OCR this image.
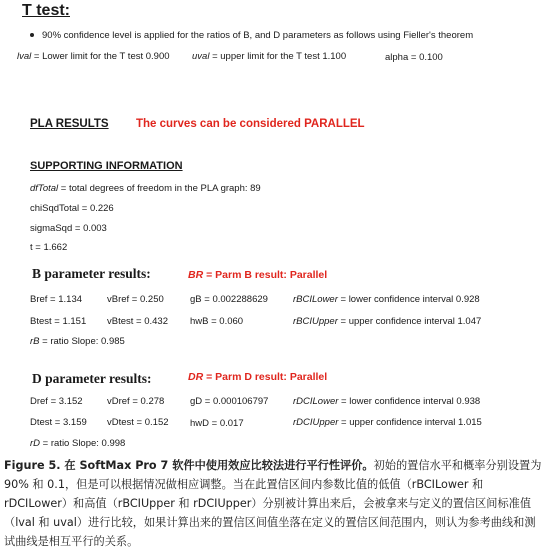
T test:
90% confidence level is applied for the ratios of B, and D parameters as follows using Fieller's theorem
lval = Lower limit for the T test 0.900 uval = upper limit for the T test 1.100	alpha = 0.100
PLA RESULTS The curves can be considered PARALLEL
SUPPORTING INFORMATION
dfTotal = total degrees of freedom in the PLA graph: 89
chiSqdTotal = 0.226
sigmaSqd = 0.003
t = 1.662
B parameter results:	BR = Parm B result: Parallel
Bref = 1.134	vBref = 0.250	gB = 0.002288629	rBCILower = lower confidence interval 0.928
Btest = 1.151 vBtest = 0.432 hwB = 0.060	rBCIUpper = upper confidence interval 1.047
rB = ratio Slope: 0.985
D parameter results:	DR = Parm D result: Parallel
Dref = 3.152	vDref = 0.278	gD = 0.000106797	rDCILower = lower confidence interval 0.938
Dtest = 3.159 vDtest = 0.152 hwD = 0.017	rDCIUpper = upper confidence interval 1.015
rD = ratio Slope: 0.998
Figure 5. 在 SoftMax Pro 7 软件中使用效应比较法进行平行性评价。初始的置信水平和概率分别设置为 90% 和 0.1，但是可以根据情况做相应调整。当在此置信区间内参数比值的低值（rBCILower 和 rDCILower）和高值（rBCIUpper 和 rDCIUpper）分别被计算出来后，会被拿来与定义的置信区间标准值（lval 和 uval）进行比较，如果计算出来的置信区间值坐落在定义的置信区间范围内，则认为参考曲线和测试曲线是相互平行的关系。
